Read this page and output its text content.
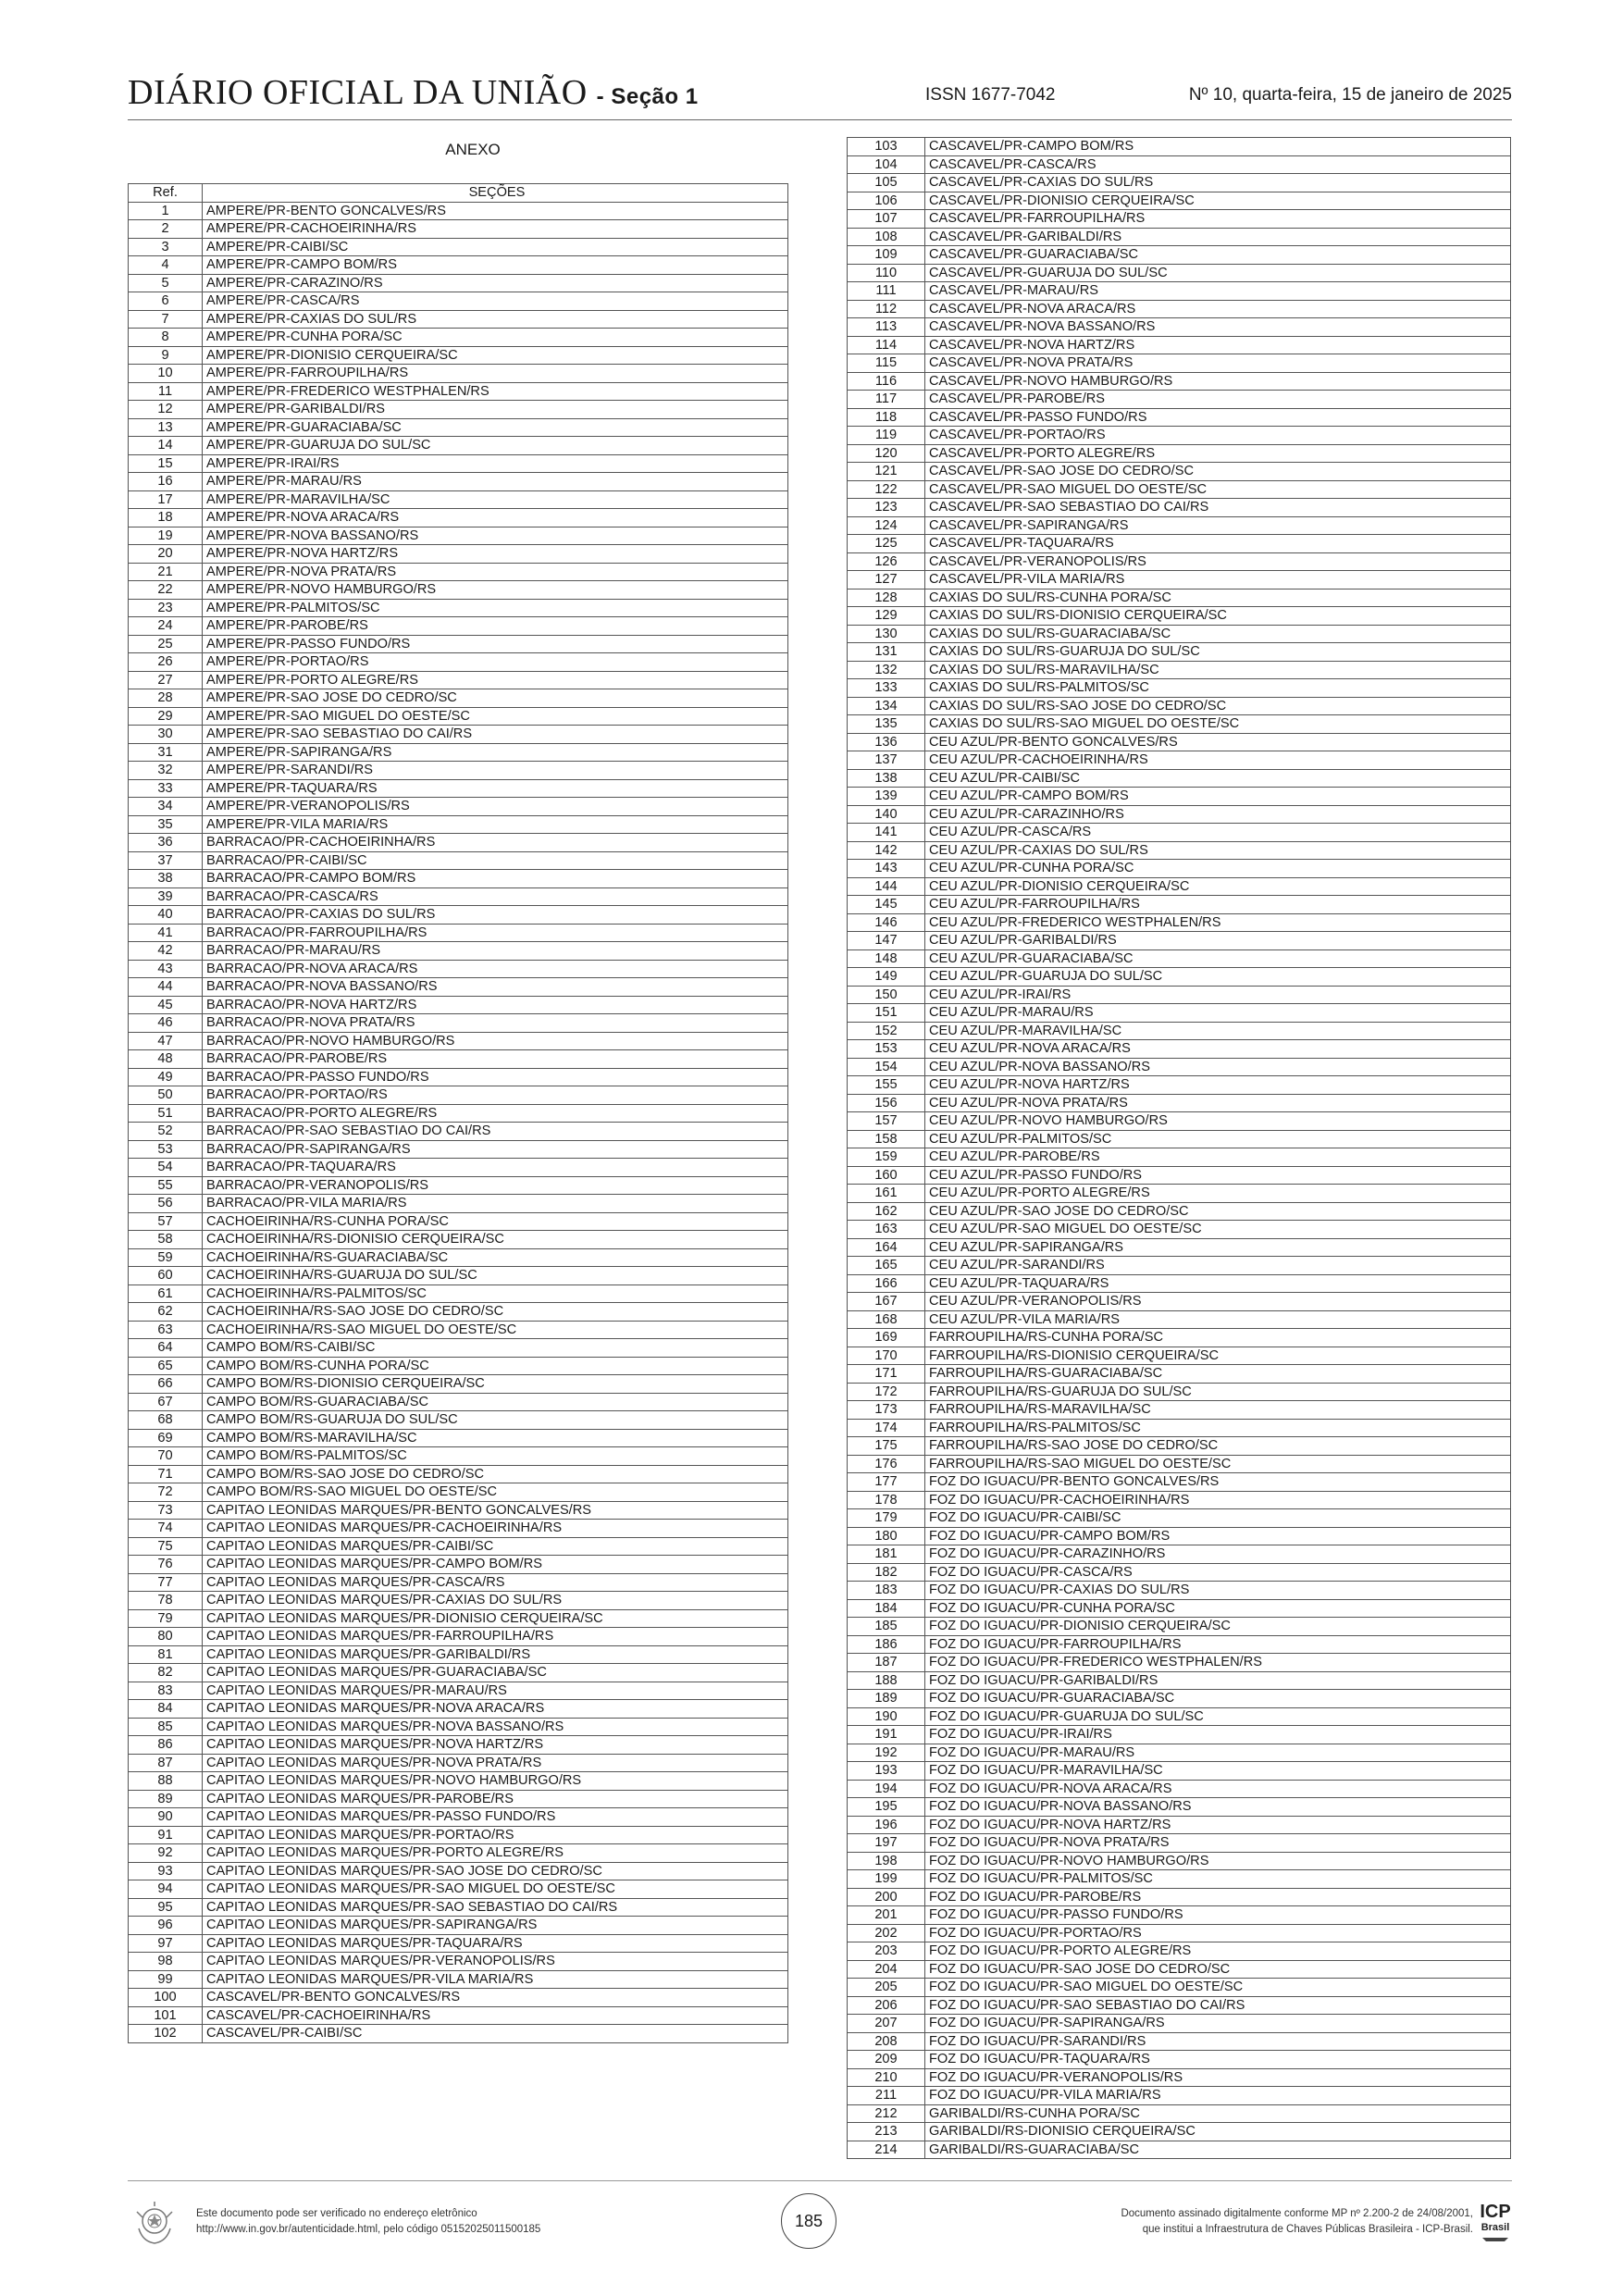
DIÁRIO OFICIAL DA UNIÃO - Seção 1	ISSN 1677-7042	Nº 10, quarta-feira, 15 de janeiro de 2025
ANEXO
Ref.	SEÇÕES
1	AMPERE/PR-BENTO GONCALVES/RS
2	AMPERE/PR-CACHOEIRINHA/RS
3	AMPERE/PR-CAIBI/SC
4	AMPERE/PR-CAMPO BOM/RS
5	AMPERE/PR-CARAZINO/RS
6	AMPERE/PR-CASCA/RS
7	AMPERE/PR-CAXIAS DO SUL/RS
8	AMPERE/PR-CUNHA PORA/SC
9	AMPERE/PR-DIONISIO CERQUEIRA/SC
10	AMPERE/PR-FARROUPILHA/RS
11	AMPERE/PR-FREDERICO WESTPHALEN/RS
12	AMPERE/PR-GARIBALDI/RS
13	AMPERE/PR-GUARACIABA/SC
14	AMPERE/PR-GUARUJA DO SUL/SC
15	AMPERE/PR-IRAI/RS
16	AMPERE/PR-MARAU/RS
17	AMPERE/PR-MARAVILHA/SC
18	AMPERE/PR-NOVA ARACA/RS
19	AMPERE/PR-NOVA BASSANO/RS
20	AMPERE/PR-NOVA HARTZ/RS
21	AMPERE/PR-NOVA PRATA/RS
22	AMPERE/PR-NOVO HAMBURGO/RS
23	AMPERE/PR-PALMITOS/SC
24	AMPERE/PR-PAROBE/RS
25	AMPERE/PR-PASSO FUNDO/RS
26	AMPERE/PR-PORTAO/RS
27	AMPERE/PR-PORTO ALEGRE/RS
28	AMPERE/PR-SAO JOSE DO CEDRO/SC
29	AMPERE/PR-SAO MIGUEL DO OESTE/SC
30	AMPERE/PR-SAO SEBASTIAO DO CAI/RS
31	AMPERE/PR-SAPIRANGA/RS
32	AMPERE/PR-SARANDI/RS
33	AMPERE/PR-TAQUARA/RS
34	AMPERE/PR-VERANOPOLIS/RS
35	AMPERE/PR-VILA MARIA/RS
36	BARRACAO/PR-CACHOEIRINHA/RS
37	BARRACAO/PR-CAIBI/SC
38	BARRACAO/PR-CAMPO BOM/RS
39	BARRACAO/PR-CASCA/RS
40	BARRACAO/PR-CAXIAS DO SUL/RS
41	BARRACAO/PR-FARROUPILHA/RS
42	BARRACAO/PR-MARAU/RS
43	BARRACAO/PR-NOVA ARACA/RS
44	BARRACAO/PR-NOVA BASSANO/RS
45	BARRACAO/PR-NOVA HARTZ/RS
46	BARRACAO/PR-NOVA PRATA/RS
47	BARRACAO/PR-NOVO HAMBURGO/RS
48	BARRACAO/PR-PAROBE/RS
49	BARRACAO/PR-PASSO FUNDO/RS
50	BARRACAO/PR-PORTAO/RS
51	BARRACAO/PR-PORTO ALEGRE/RS
52	BARRACAO/PR-SAO SEBASTIAO DO CAI/RS
53	BARRACAO/PR-SAPIRANGA/RS
54	BARRACAO/PR-TAQUARA/RS
55	BARRACAO/PR-VERANOPOLIS/RS
56	BARRACAO/PR-VILA MARIA/RS
57	CACHOEIRINHA/RS-CUNHA PORA/SC
58	CACHOEIRINHA/RS-DIONISIO CERQUEIRA/SC
59	CACHOEIRINHA/RS-GUARACIABA/SC
60	CACHOEIRINHA/RS-GUARUJA DO SUL/SC
61	CACHOEIRINHA/RS-PALMITOS/SC
62	CACHOEIRINHA/RS-SAO JOSE DO CEDRO/SC
63	CACHOEIRINHA/RS-SAO MIGUEL DO OESTE/SC
64	CAMPO BOM/RS-CAIBI/SC
65	CAMPO BOM/RS-CUNHA PORA/SC
66	CAMPO BOM/RS-DIONISIO CERQUEIRA/SC
67	CAMPO BOM/RS-GUARACIABA/SC
68	CAMPO BOM/RS-GUARUJA DO SUL/SC
69	CAMPO BOM/RS-MARAVILHA/SC
70	CAMPO BOM/RS-PALMITOS/SC
71	CAMPO BOM/RS-SAO JOSE DO CEDRO/SC
72	CAMPO BOM/RS-SAO MIGUEL DO OESTE/SC
73	CAPITAO LEONIDAS MARQUES/PR-BENTO GONCALVES/RS
74	CAPITAO LEONIDAS MARQUES/PR-CACHOEIRINHA/RS
75	CAPITAO LEONIDAS MARQUES/PR-CAIBI/SC
76	CAPITAO LEONIDAS MARQUES/PR-CAMPO BOM/RS
77	CAPITAO LEONIDAS MARQUES/PR-CASCA/RS
78	CAPITAO LEONIDAS MARQUES/PR-CAXIAS DO SUL/RS
79	CAPITAO LEONIDAS MARQUES/PR-DIONISIO CERQUEIRA/SC
80	CAPITAO LEONIDAS MARQUES/PR-FARROUPILHA/RS
81	CAPITAO LEONIDAS MARQUES/PR-GARIBALDI/RS
82	CAPITAO LEONIDAS MARQUES/PR-GUARACIABA/SC
83	CAPITAO LEONIDAS MARQUES/PR-MARAU/RS
84	CAPITAO LEONIDAS MARQUES/PR-NOVA ARACA/RS
85	CAPITAO LEONIDAS MARQUES/PR-NOVA BASSANO/RS
86	CAPITAO LEONIDAS MARQUES/PR-NOVA HARTZ/RS
87	CAPITAO LEONIDAS MARQUES/PR-NOVA PRATA/RS
88	CAPITAO LEONIDAS MARQUES/PR-NOVO HAMBURGO/RS
89	CAPITAO LEONIDAS MARQUES/PR-PAROBE/RS
90	CAPITAO LEONIDAS MARQUES/PR-PASSO FUNDO/RS
91	CAPITAO LEONIDAS MARQUES/PR-PORTAO/RS
92	CAPITAO LEONIDAS MARQUES/PR-PORTO ALEGRE/RS
93	CAPITAO LEONIDAS MARQUES/PR-SAO JOSE DO CEDRO/SC
94	CAPITAO LEONIDAS MARQUES/PR-SAO MIGUEL DO OESTE/SC
95	CAPITAO LEONIDAS MARQUES/PR-SAO SEBASTIAO DO CAI/RS
96	CAPITAO LEONIDAS MARQUES/PR-SAPIRANGA/RS
97	CAPITAO LEONIDAS MARQUES/PR-TAQUARA/RS
98	CAPITAO LEONIDAS MARQUES/PR-VERANOPOLIS/RS
99	CAPITAO LEONIDAS MARQUES/PR-VILA MARIA/RS
100	CASCAVEL/PR-BENTO GONCALVES/RS
101	CASCAVEL/PR-CACHOEIRINHA/RS
102	CASCAVEL/PR-CAIBI/SC
103	CASCAVEL/PR-CAMPO BOM/RS
104	CASCAVEL/PR-CASCA/RS
105	CASCAVEL/PR-CAXIAS DO SUL/RS
106	CASCAVEL/PR-DIONISIO CERQUEIRA/SC
107	CASCAVEL/PR-FARROUPILHA/RS
108	CASCAVEL/PR-GARIBALDI/RS
109	CASCAVEL/PR-GUARACIABA/SC
110	CASCAVEL/PR-GUARUJA DO SUL/SC
111	CASCAVEL/PR-MARAU/RS
112	CASCAVEL/PR-NOVA ARACA/RS
113	CASCAVEL/PR-NOVA BASSANO/RS
114	CASCAVEL/PR-NOVA HARTZ/RS
115	CASCAVEL/PR-NOVA PRATA/RS
116	CASCAVEL/PR-NOVO HAMBURGO/RS
117	CASCAVEL/PR-PAROBE/RS
118	CASCAVEL/PR-PASSO FUNDO/RS
119	CASCAVEL/PR-PORTAO/RS
120	CASCAVEL/PR-PORTO ALEGRE/RS
121	CASCAVEL/PR-SAO JOSE DO CEDRO/SC
122	CASCAVEL/PR-SAO MIGUEL DO OESTE/SC
123	CASCAVEL/PR-SAO SEBASTIAO DO CAI/RS
124	CASCAVEL/PR-SAPIRANGA/RS
125	CASCAVEL/PR-TAQUARA/RS
126	CASCAVEL/PR-VERANOPOLIS/RS
127	CASCAVEL/PR-VILA MARIA/RS
128	CAXIAS DO SUL/RS-CUNHA PORA/SC
129	CAXIAS DO SUL/RS-DIONISIO CERQUEIRA/SC
130	CAXIAS DO SUL/RS-GUARACIABA/SC
131	CAXIAS DO SUL/RS-GUARUJA DO SUL/SC
132	CAXIAS DO SUL/RS-MARAVILHA/SC
133	CAXIAS DO SUL/RS-PALMITOS/SC
134	CAXIAS DO SUL/RS-SAO JOSE DO CEDRO/SC
135	CAXIAS DO SUL/RS-SAO MIGUEL DO OESTE/SC
136	CEU AZUL/PR-BENTO GONCALVES/RS
137	CEU AZUL/PR-CACHOEIRINHA/RS
138	CEU AZUL/PR-CAIBI/SC
139	CEU AZUL/PR-CAMPO BOM/RS
140	CEU AZUL/PR-CARAZINHO/RS
141	CEU AZUL/PR-CASCA/RS
142	CEU AZUL/PR-CAXIAS DO SUL/RS
143	CEU AZUL/PR-CUNHA PORA/SC
144	CEU AZUL/PR-DIONISIO CERQUEIRA/SC
145	CEU AZUL/PR-FARROUPILHA/RS
146	CEU AZUL/PR-FREDERICO WESTPHALEN/RS
147	CEU AZUL/PR-GARIBALDI/RS
148	CEU AZUL/PR-GUARACIABA/SC
149	CEU AZUL/PR-GUARUJA DO SUL/SC
150	CEU AZUL/PR-IRAI/RS
151	CEU AZUL/PR-MARAU/RS
152	CEU AZUL/PR-MARAVILHA/SC
153	CEU AZUL/PR-NOVA ARACA/RS
154	CEU AZUL/PR-NOVA BASSANO/RS
155	CEU AZUL/PR-NOVA HARTZ/RS
156	CEU AZUL/PR-NOVA PRATA/RS
157	CEU AZUL/PR-NOVO HAMBURGO/RS
158	CEU AZUL/PR-PALMITOS/SC
159	CEU AZUL/PR-PAROBE/RS
160	CEU AZUL/PR-PASSO FUNDO/RS
161	CEU AZUL/PR-PORTO ALEGRE/RS
162	CEU AZUL/PR-SAO JOSE DO CEDRO/SC
163	CEU AZUL/PR-SAO MIGUEL DO OESTE/SC
164	CEU AZUL/PR-SAPIRANGA/RS
165	CEU AZUL/PR-SARANDI/RS
166	CEU AZUL/PR-TAQUARA/RS
167	CEU AZUL/PR-VERANOPOLIS/RS
168	CEU AZUL/PR-VILA MARIA/RS
169	FARROUPILHA/RS-CUNHA PORA/SC
170	FARROUPILHA/RS-DIONISIO CERQUEIRA/SC
171	FARROUPILHA/RS-GUARACIABA/SC
172	FARROUPILHA/RS-GUARUJA DO SUL/SC
173	FARROUPILHA/RS-MARAVILHA/SC
174	FARROUPILHA/RS-PALMITOS/SC
175	FARROUPILHA/RS-SAO JOSE DO CEDRO/SC
176	FARROUPILHA/RS-SAO MIGUEL DO OESTE/SC
177	FOZ DO IGUACU/PR-BENTO GONCALVES/RS
178	FOZ DO IGUACU/PR-CACHOEIRINHA/RS
179	FOZ DO IGUACU/PR-CAIBI/SC
180	FOZ DO IGUACU/PR-CAMPO BOM/RS
181	FOZ DO IGUACU/PR-CARAZINHO/RS
182	FOZ DO IGUACU/PR-CASCA/RS
183	FOZ DO IGUACU/PR-CAXIAS DO SUL/RS
184	FOZ DO IGUACU/PR-CUNHA PORA/SC
185	FOZ DO IGUACU/PR-DIONISIO CERQUEIRA/SC
186	FOZ DO IGUACU/PR-FARROUPILHA/RS
187	FOZ DO IGUACU/PR-FREDERICO WESTPHALEN/RS
188	FOZ DO IGUACU/PR-GARIBALDI/RS
189	FOZ DO IGUACU/PR-GUARACIABA/SC
190	FOZ DO IGUACU/PR-GUARUJA DO SUL/SC
191	FOZ DO IGUACU/PR-IRAI/RS
192	FOZ DO IGUACU/PR-MARAU/RS
193	FOZ DO IGUACU/PR-MARAVILHA/SC
194	FOZ DO IGUACU/PR-NOVA ARACA/RS
195	FOZ DO IGUACU/PR-NOVA BASSANO/RS
196	FOZ DO IGUACU/PR-NOVA HARTZ/RS
197	FOZ DO IGUACU/PR-NOVA PRATA/RS
198	FOZ DO IGUACU/PR-NOVO HAMBURGO/RS
199	FOZ DO IGUACU/PR-PALMITOS/SC
200	FOZ DO IGUACU/PR-PAROBE/RS
201	FOZ DO IGUACU/PR-PASSO FUNDO/RS
202	FOZ DO IGUACU/PR-PORTAO/RS
203	FOZ DO IGUACU/PR-PORTO ALEGRE/RS
204	FOZ DO IGUACU/PR-SAO JOSE DO CEDRO/SC
205	FOZ DO IGUACU/PR-SAO MIGUEL DO OESTE/SC
206	FOZ DO IGUACU/PR-SAO SEBASTIAO DO CAI/RS
207	FOZ DO IGUACU/PR-SAPIRANGA/RS
208	FOZ DO IGUACU/PR-SARANDI/RS
209	FOZ DO IGUACU/PR-TAQUARA/RS
210	FOZ DO IGUACU/PR-VERANOPOLIS/RS
211	FOZ DO IGUACU/PR-VILA MARIA/RS
212	GARIBALDI/RS-CUNHA PORA/SC
213	GARIBALDI/RS-DIONISIO CERQUEIRA/SC
214	GARIBALDI/RS-GUARACIABA/SC
Este documento pode ser verificado no endereço eletrônico
http://www.in.gov.br/autenticidade.html, pelo código 05152025011500185	185	Documento assinado digitalmente conforme MP nº 2.200-2 de 24/08/2001,
que institui a Infraestrutura de Chaves Públicas Brasileira - ICP-Brasil.
ICP
Brasil
